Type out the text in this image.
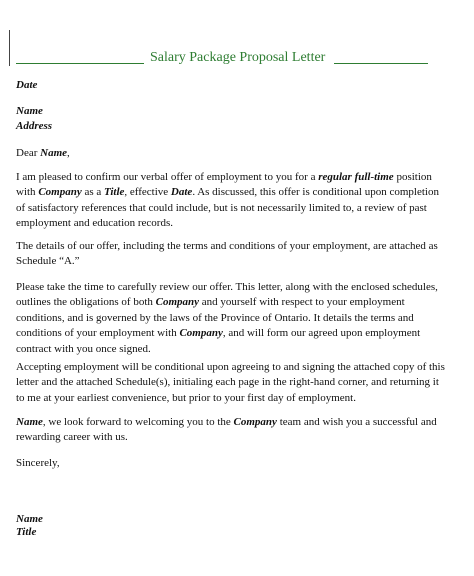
Salary Package Proposal Letter
Date
Name
Address
Dear Name,
I am pleased to confirm our verbal offer of employment to you for a regular full-time position
with Company as a Title, effective Date. As discussed, this offer is conditional upon completion
of satisfactory references that could include, but is not necessarily limited to, a review of past
employment and education records.
The details of our offer, including the terms and conditions of your employment, are attached as
Schedule “A.”
Please take the time to carefully review our offer. This letter, along with the enclosed schedules,
outlines the obligations of both Company and yourself with respect to your employment
conditions, and is governed by the laws of the Province of Ontario. It details the terms and
conditions of your employment with Company, and will form our agreed upon employment
contract with you once signed.
Accepting employment will be conditional upon agreeing to and signing the attached copy of this
letter and the attached Schedule(s), initialing each page in the right-hand corner, and returning it
to me at your earliest convenience, but prior to your first day of employment.
Name, we look forward to welcoming you to the Company team and wish you a successful and
rewarding career with us.
Sincerely,
Name
Title
